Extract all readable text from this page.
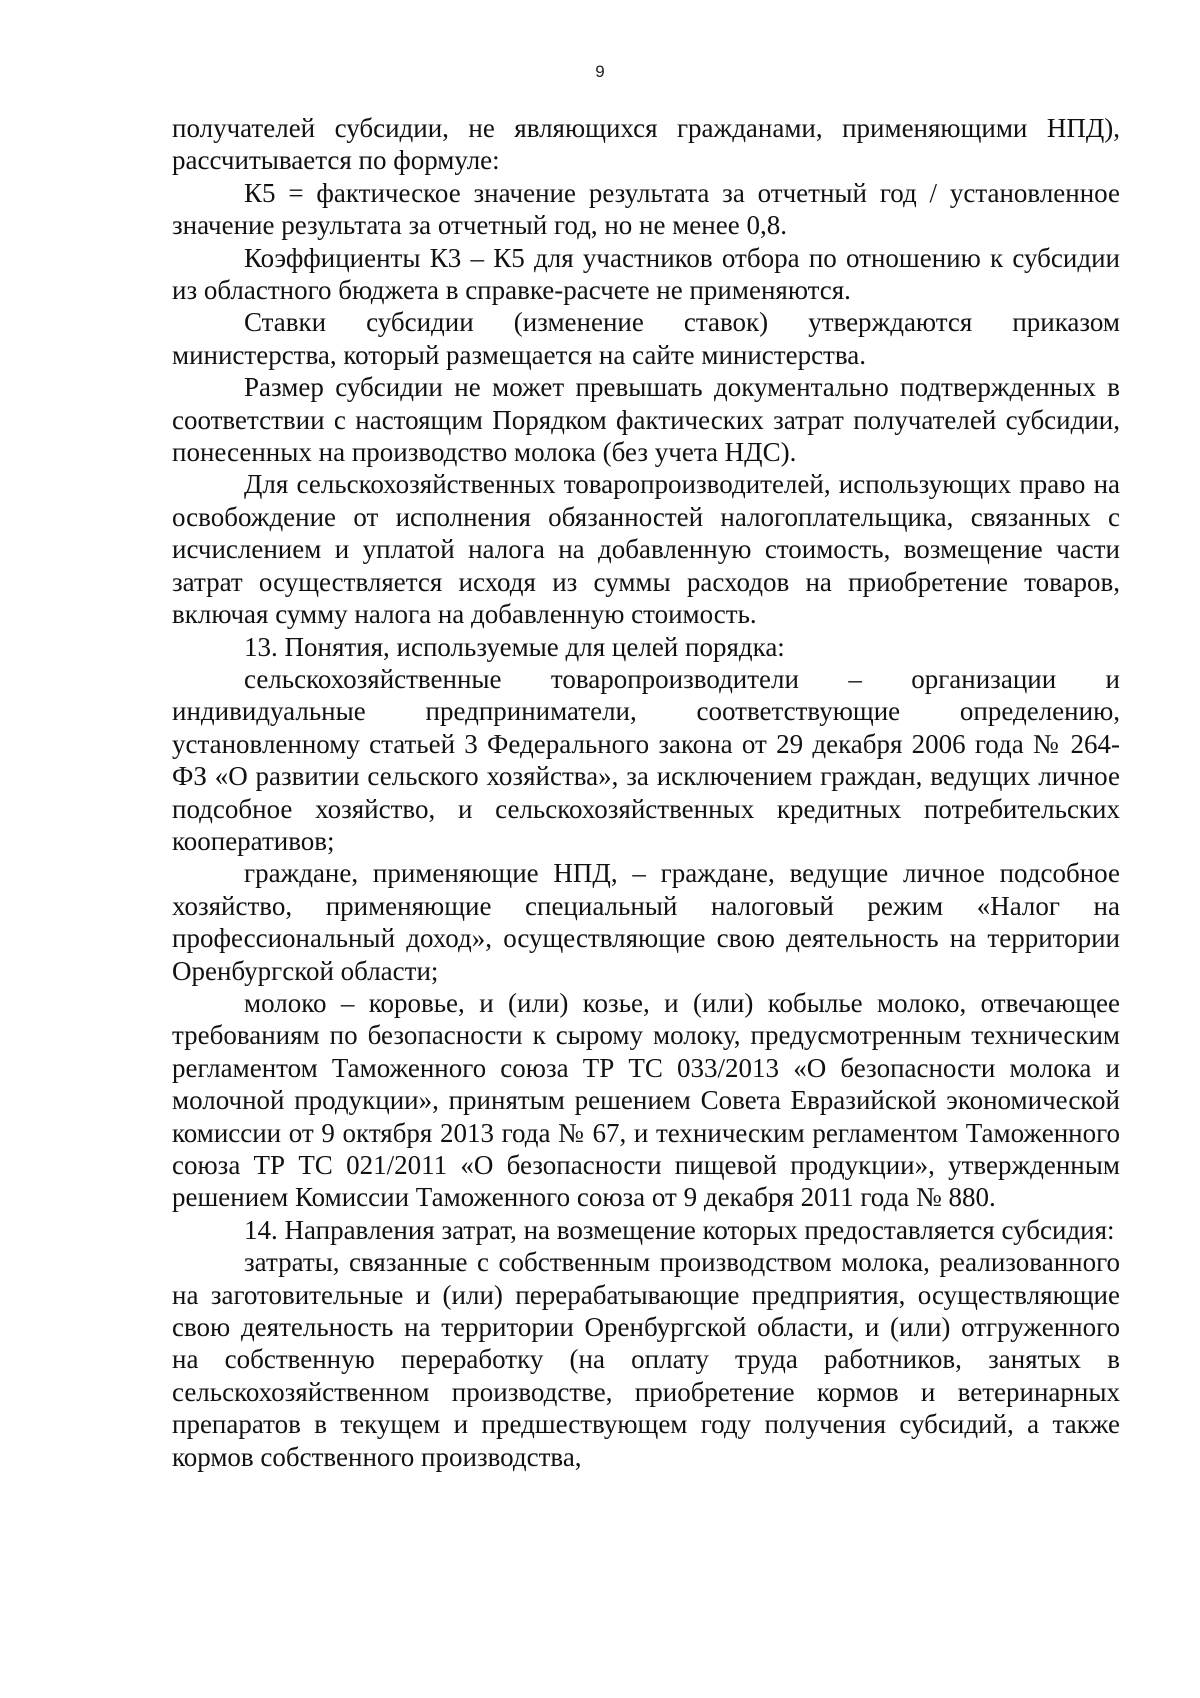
9

получателей субсидии, не являющихся гражданами, применяющими НПД), рассчитывается по формуле:

К5 = фактическое значение результата за отчетный год / установленное значение результата за отчетный год, но не менее 0,8.

Коэффициенты К3 – К5 для участников отбора по отношению к субсидии из областного бюджета в справке-расчете не применяются.

Ставки субсидии (изменение ставок) утверждаются приказом министерства, который размещается на сайте министерства.

Размер субсидии не может превышать документально подтвержденных в соответствии с настоящим Порядком фактических затрат получателей субсидии, понесенных на производство молока (без учета НДС).

Для сельскохозяйственных товаропроизводителей, использующих право на освобождение от исполнения обязанностей налогоплательщика, связанных с исчислением и уплатой налога на добавленную стоимость, возмещение части затрат осуществляется исходя из суммы расходов на приобретение товаров, включая сумму налога на добавленную стоимость.

13. Понятия, используемые для целей порядка:

сельскохозяйственные товаропроизводители – организации и индивидуальные предприниматели, соответствующие определению, установленному статьей 3 Федерального закона от 29 декабря 2006 года № 264-ФЗ «О развитии сельского хозяйства», за исключением граждан, ведущих личное подсобное хозяйство, и сельскохозяйственных кредитных потребительских кооперативов;

граждане, применяющие НПД, – граждане, ведущие личное подсобное хозяйство, применяющие специальный налоговый режим «Налог на профессиональный доход», осуществляющие свою деятельность на территории Оренбургской области;

молоко – коровье, и (или) козье, и (или) кобылье молоко, отвечающее требованиям по безопасности к сырому молоку, предусмотренным техническим регламентом Таможенного союза ТР ТС 033/2013 «О безопасности молока и молочной продукции», принятым решением Совета Евразийской экономической комиссии от 9 октября 2013 года № 67, и техническим регламентом Таможенного союза ТР ТС 021/2011 «О безопасности пищевой продукции», утвержденным решением Комиссии Таможенного союза от 9 декабря 2011 года № 880.

14. Направления затрат, на возмещение которых предоставляется субсидия:

затраты, связанные с собственным производством молока, реализованного на заготовительные и (или) перерабатывающие предприятия, осуществляющие свою деятельность на территории Оренбургской области, и (или) отгруженного на собственную переработку (на оплату труда работников, занятых в сельскохозяйственном производстве, приобретение кормов и ветеринарных препаратов в текущем и предшествующем году получения субсидий, а также кормов собственного производства,
